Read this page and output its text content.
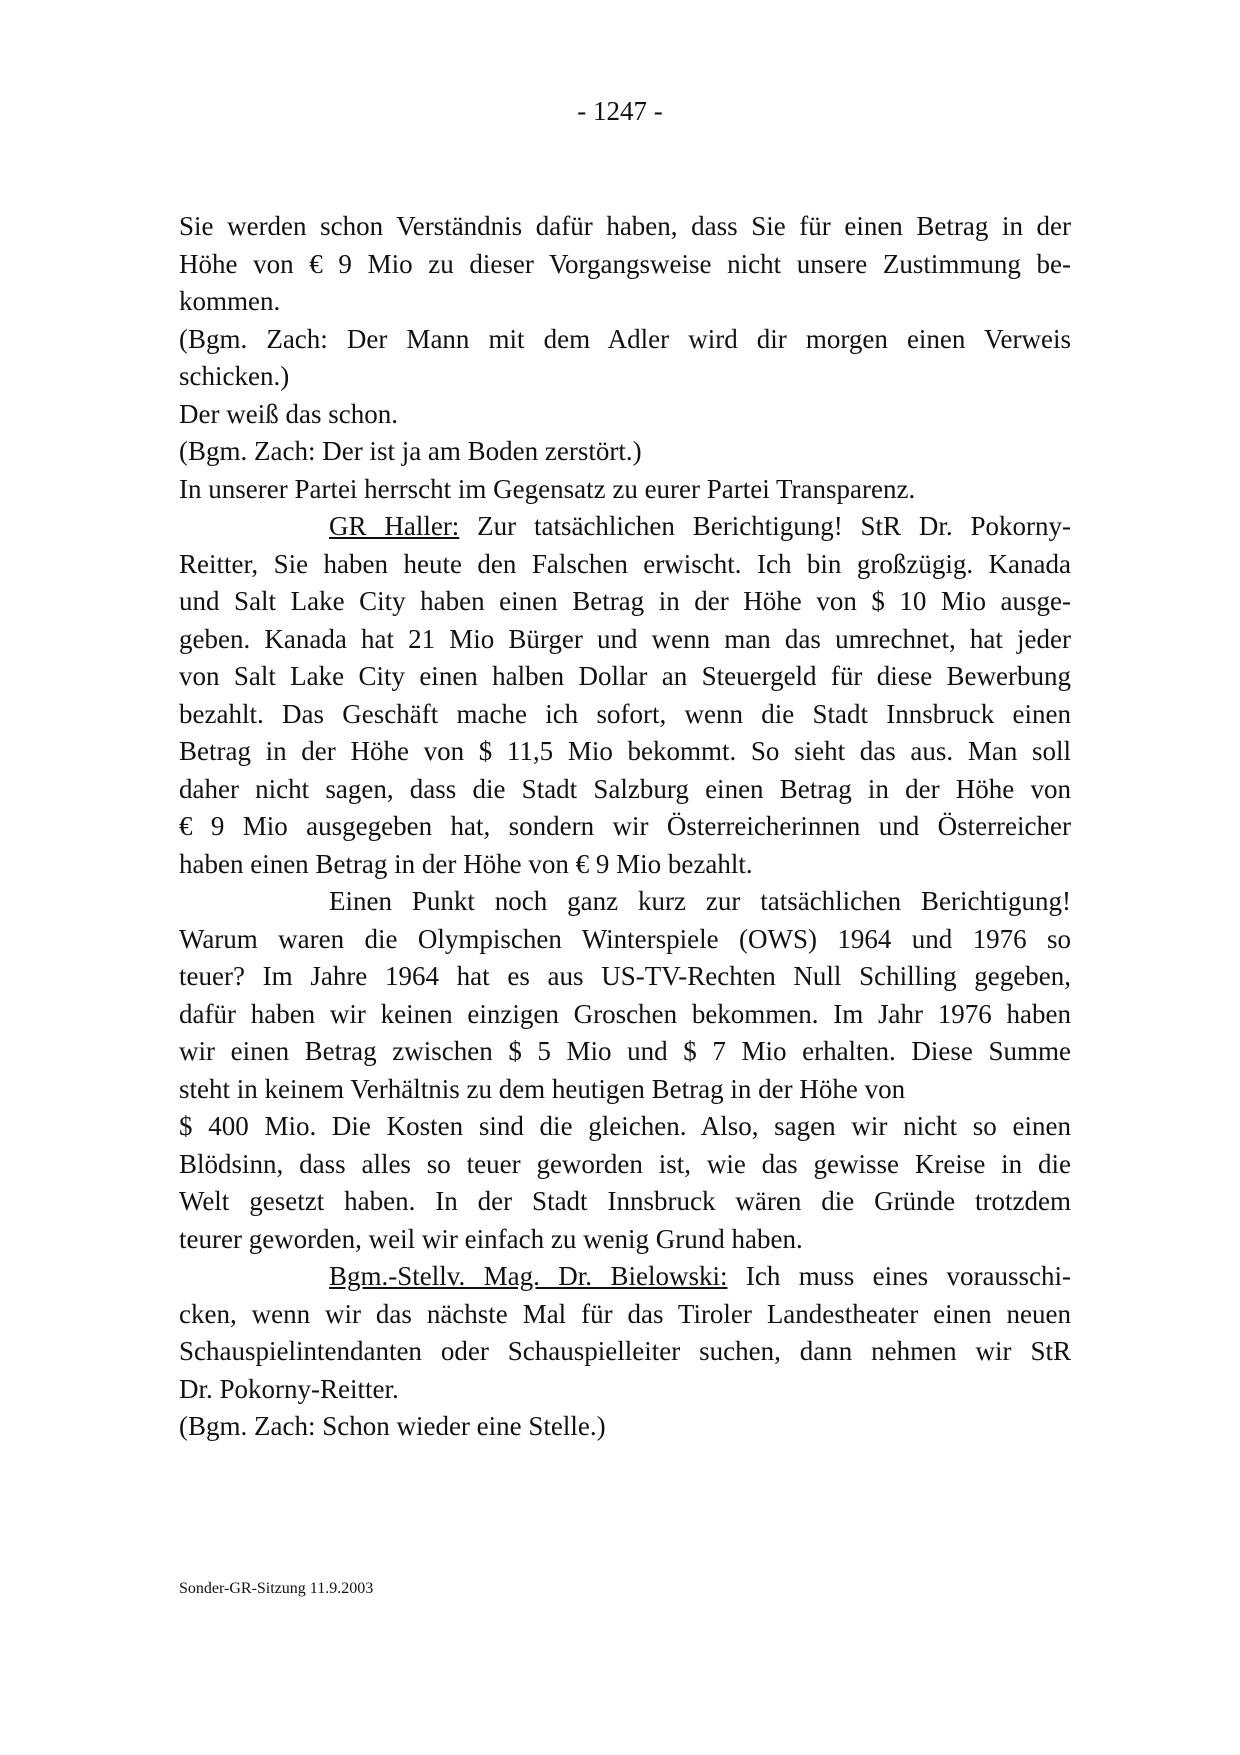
- 1247 -
Sie werden schon Verständnis dafür haben, dass Sie für einen Betrag in der
Höhe von € 9 Mio zu dieser Vorgangsweise nicht unsere Zustimmung be-
kommen.
(Bgm. Zach: Der Mann mit dem Adler wird dir morgen einen Verweis
schicken.)
Der weiß das schon.
(Bgm. Zach: Der ist ja am Boden zerstört.)
In unserer Partei herrscht im Gegensatz zu eurer Partei Transparenz.
GR Haller: Zur tatsächlichen Berichtigung! StR Dr. Pokorny-
Reitter, Sie haben heute den Falschen erwischt. Ich bin großzügig. Kanada
und Salt Lake City haben einen Betrag in der Höhe von $ 10 Mio ausge-
geben. Kanada hat 21 Mio Bürger und wenn man das umrechnet, hat jeder
von Salt Lake City einen halben Dollar an Steuergeld für diese Bewerbung
bezahlt. Das Geschäft mache ich sofort, wenn die Stadt Innsbruck einen
Betrag in der Höhe von $ 11,5 Mio bekommt. So sieht das aus. Man soll
daher nicht sagen, dass die Stadt Salzburg einen Betrag in der Höhe von
€ 9 Mio ausgegeben hat, sondern wir Österreicherinnen und Österreicher
haben einen Betrag in der Höhe von € 9 Mio bezahlt.
Einen Punkt noch ganz kurz zur tatsächlichen Berichtigung!
Warum waren die Olympischen Winterspiele (OWS) 1964 und 1976 so
teuer? Im Jahre 1964 hat es aus US-TV-Rechten Null Schilling gegeben,
dafür haben wir keinen einzigen Groschen bekommen. Im Jahr 1976 haben
wir einen Betrag zwischen $ 5 Mio und $ 7 Mio erhalten. Diese Summe
steht in keinem Verhältnis zu dem heutigen Betrag in der Höhe von
$ 400 Mio. Die Kosten sind die gleichen. Also, sagen wir nicht so einen
Blödsinn, dass alles so teuer geworden ist, wie das gewisse Kreise in die
Welt gesetzt haben. In der Stadt Innsbruck wären die Gründe trotzdem
teurer geworden, weil wir einfach zu wenig Grund haben.
Bgm.-Stellv. Mag. Dr. Bielowski: Ich muss eines vorausschi-
cken, wenn wir das nächste Mal für das Tiroler Landestheater einen neuen
Schauspielintendanten oder Schauspielleiter suchen, dann nehmen wir StR
Dr. Pokorny-Reitter.
(Bgm. Zach: Schon wieder eine Stelle.)
Sonder-GR-Sitzung 11.9.2003
